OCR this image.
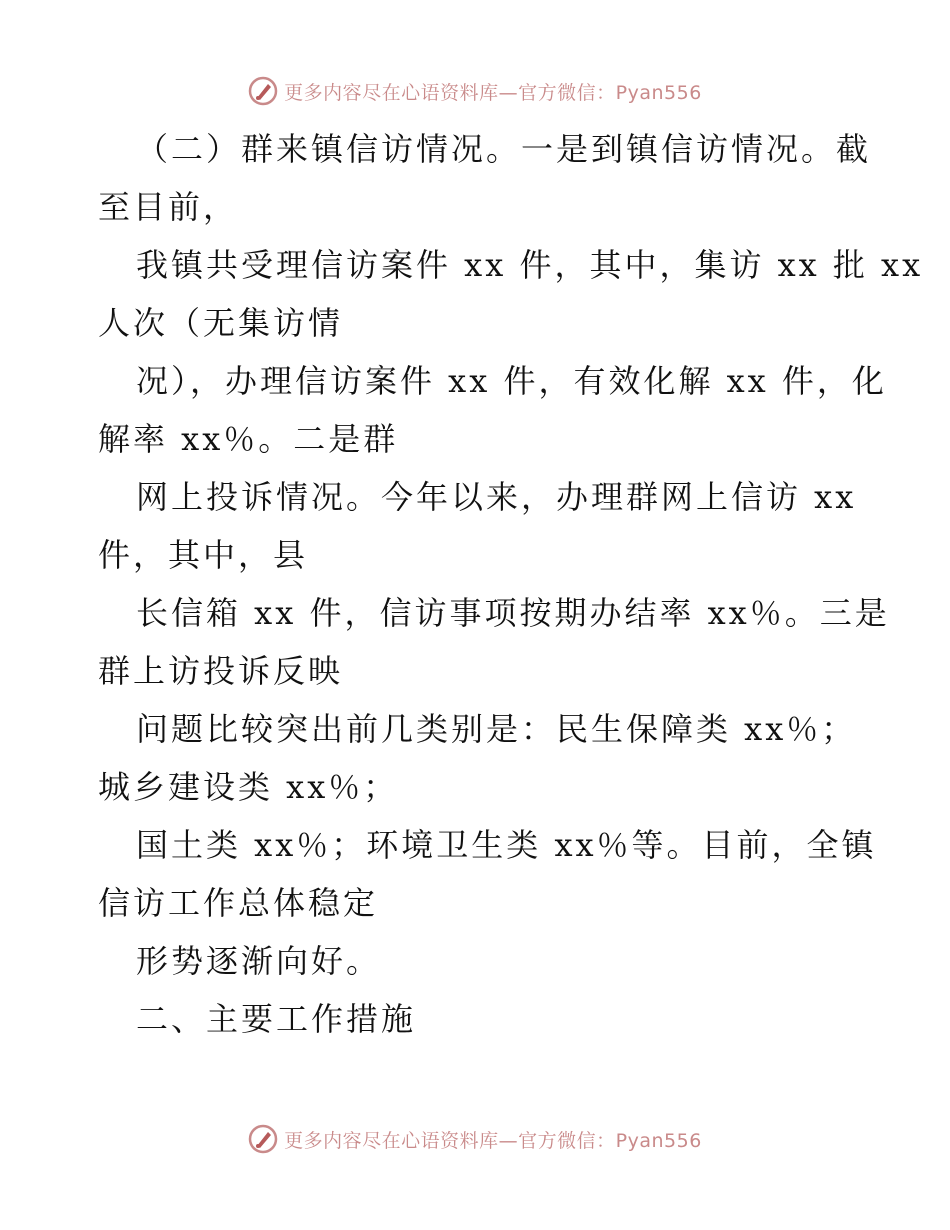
更多内容尽在心语资料库—官方微信：Pyan556
（二）群来镇信访情况。一是到镇信访情况。截
至目前，
我镇共受理信访案件 xx 件，其中，集访 xx 批 xx
人次（无集访情
况），办理信访案件 xx 件，有效化解 xx 件，化
解率 xx％。二是群
网上投诉情况。今年以来，办理群网上信访 xx
件，其中，县
长信箱 xx 件，信访事项按期办结率 xx％。三是
群上访投诉反映
问题比较突出前几类别是：民生保障类 xx％；
城乡建设类 xx％；
国土类 xx％；环境卫生类 xx％等。目前，全镇
信访工作总体稳定
形势逐渐向好。
二、主要工作措施
更多内容尽在心语资料库—官方微信：Pyan556
